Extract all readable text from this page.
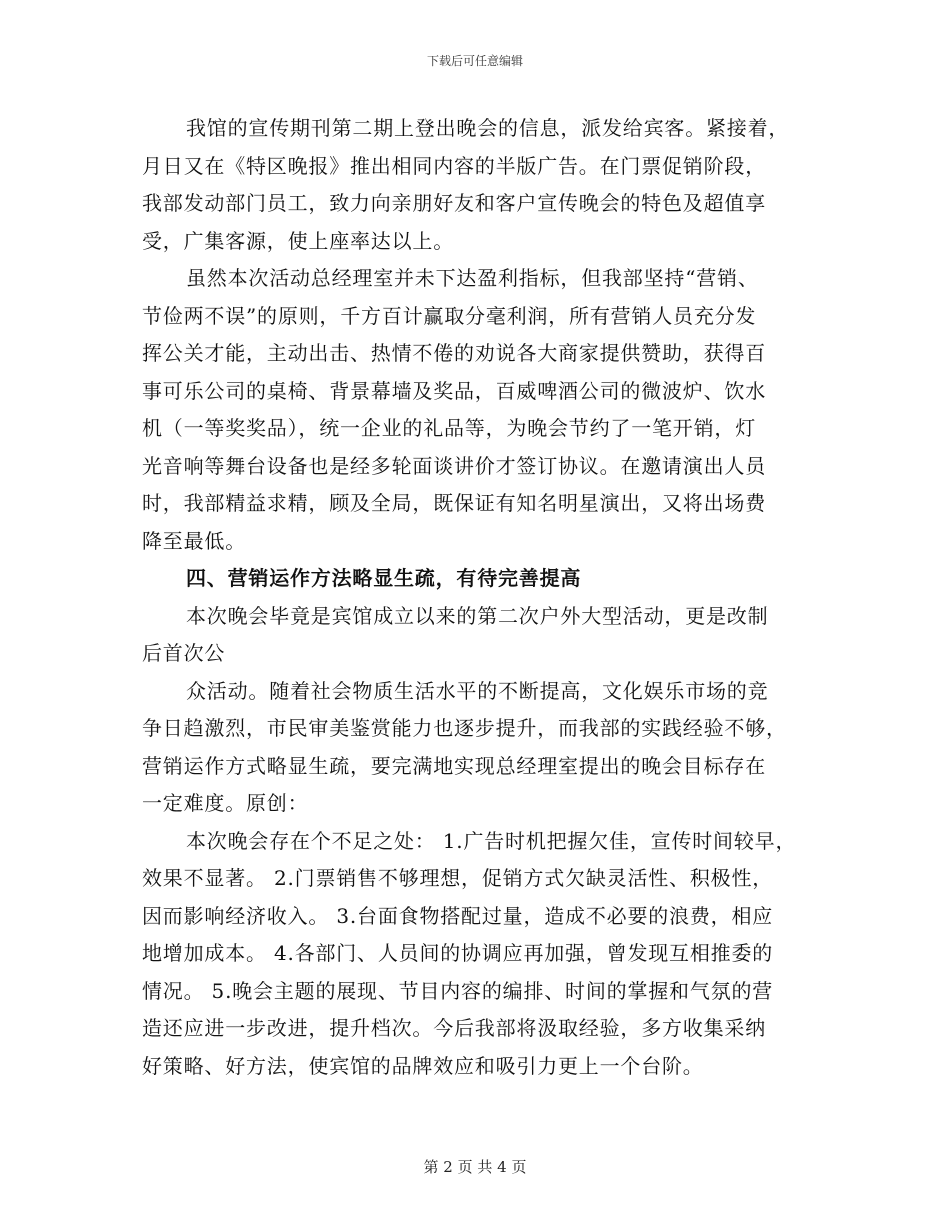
下载后可任意编辑
我馆的宣传期刊第二期上登出晚会的信息，派发给宾客。紧接着，
月日又在《特区晚报》推出相同内容的半版广告。在门票促销阶段，
我部发动部门员工，致力向亲朋好友和客户宣传晚会的特色及超值享
受，广集客源，使上座率达以上。
虽然本次活动总经理室并未下达盈利指标，但我部坚持“营销、
节俭两不误”的原则，千方百计赢取分毫利润，所有营销人员充分发
挥公关才能，主动出击、热情不倦的劝说各大商家提供赞助，获得百
事可乐公司的桌椅、背景幕墙及奖品，百威啤酒公司的微波炉、饮水
机（一等奖奖品），统一企业的礼品等，为晚会节约了一笔开销，灯
光音响等舞台设备也是经多轮面谈讲价才签订协议。在邀请演出人员
时，我部精益求精，顾及全局，既保证有知名明星演出，又将出场费
降至最低。
四、营销运作方法略显生疏，有待完善提高
本次晚会毕竟是宾馆成立以来的第二次户外大型活动，更是改制
后首次公
众活动。随着社会物质生活水平的不断提高，文化娱乐市场的竞
争日趋激烈，市民审美鉴赏能力也逐步提升，而我部的实践经验不够，
营销运作方式略显生疏，要完满地实现总经理室提出的晚会目标存在
一定难度。原创：
本次晚会存在个不足之处： 1.广告时机把握欠佳，宣传时间较早，
效果不显著。 2.门票销售不够理想，促销方式欠缺灵活性、积极性，
因而影响经济收入。 3.台面食物搭配过量，造成不必要的浪费，相应
地增加成本。 4.各部门、人员间的协调应再加强，曾发现互相推委的
情况。 5.晚会主题的展现、节目内容的编排、时间的掌握和气氛的营
造还应进一步改进，提升档次。今后我部将汲取经验，多方收集采纳
好策略、好方法，使宾馆的品牌效应和吸引力更上一个台阶。
第 2 页 共 4 页
